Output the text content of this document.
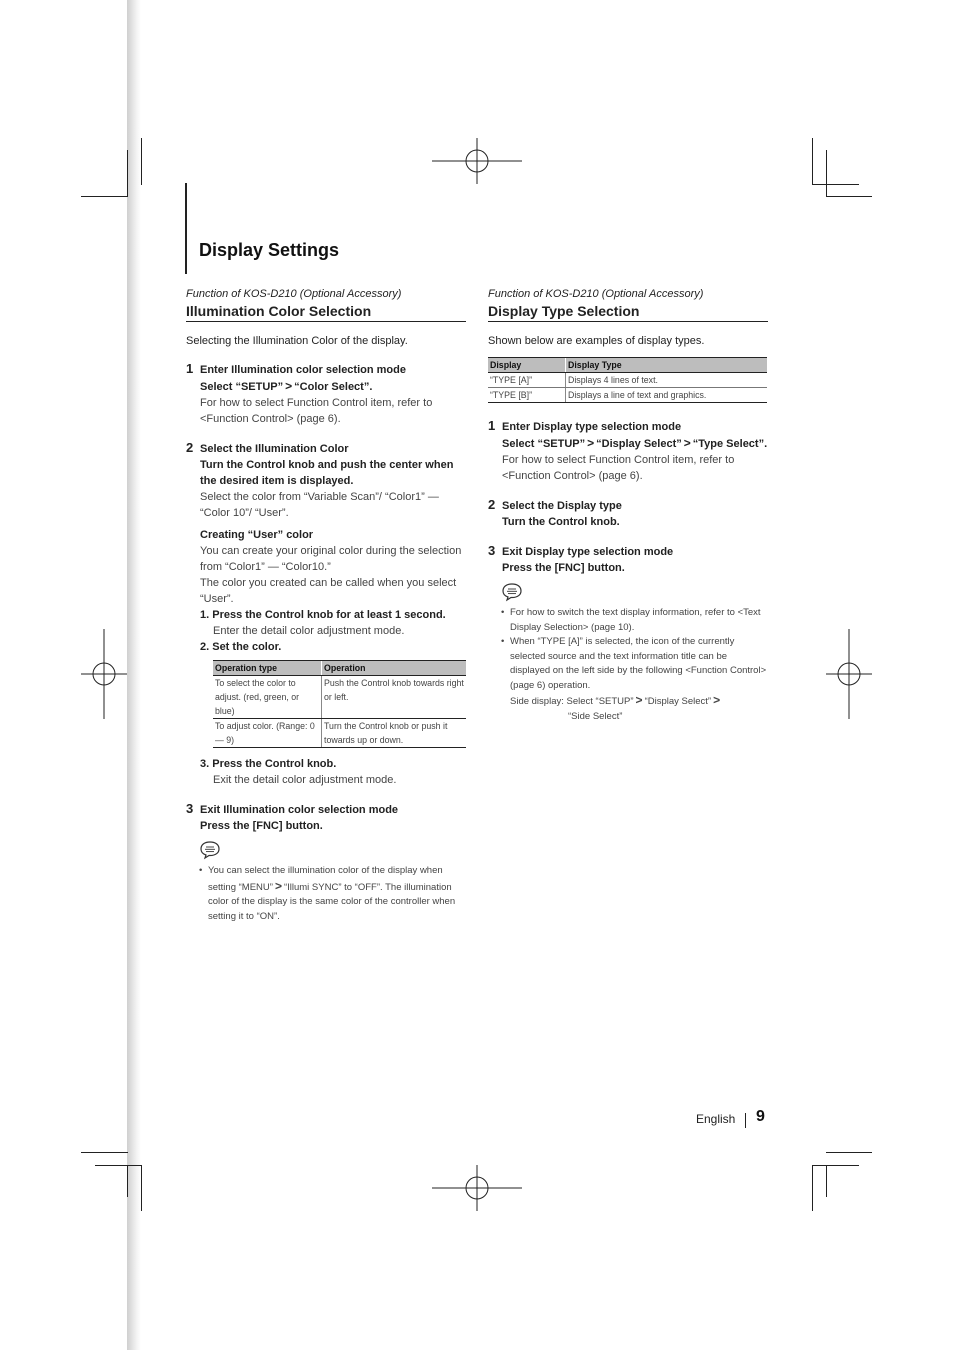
Display Settings

Function of KOS-D210 (Optional Accessory)

Illumination Color Selection

Selecting the Illumination Color of the display.

1 Enter Illumination color selection mode
Select “SETUP” > “Color Select”.
For how to select Function Control item, refer to <Function Control> (page 6).
2 Select the Illumination Color
Turn the Control knob and push the center when the desired item is displayed.
Select the color from “Variable Scan”/ “Color1” — “Color 10”/ “User”.
Creating “User” color
You can create your original color during the selection from “Color1” — “Color10.”
The color you created can be called when you select “User”.
1. Press the Control knob for at least 1 second.
Enter the detail color adjustment mode.
2. Set the color.
Operation type	Operation
To select the color to adjust. (red, green, or blue)	Push the Control knob towards right or left.
To adjust color. (Range: 0 — 9)	Turn the Control knob or push it towards up or down.
3. Press the Control knob.
Exit the detail color adjustment mode.
3 Exit Illumination color selection mode
Press the [FNC] button.
• You can select the illumination color of the display when setting “MENU” > “Illumi SYNC” to “OFF”. The illumination color of the display is the same color of the controller when setting it to “ON”.

Function of KOS-D210 (Optional Accessory)

Display Type Selection

Shown below are examples of display types.

Display	Display Type
“TYPE [A]”	Displays 4 lines of text.
“TYPE [B]”	Displays a line of text and graphics.
1 Enter Display type selection mode
Select “SETUP” > “Display Select” > “Type Select”.
For how to select Function Control item, refer to <Function Control> (page 6).
2 Select the Display type
Turn the Control knob.
3 Exit Display type selection mode
Press the [FNC] button.
• For how to switch the text display information, refer to <Text Display Selection> (page 10).
• When “TYPE [A]” is selected, the icon of the currently selected source and the text information title can be displayed on the left side by the following <Function Control> (page 6) operation.
Side display: Select “SETUP” > “Display Select” >
“Side Select”
English 9
